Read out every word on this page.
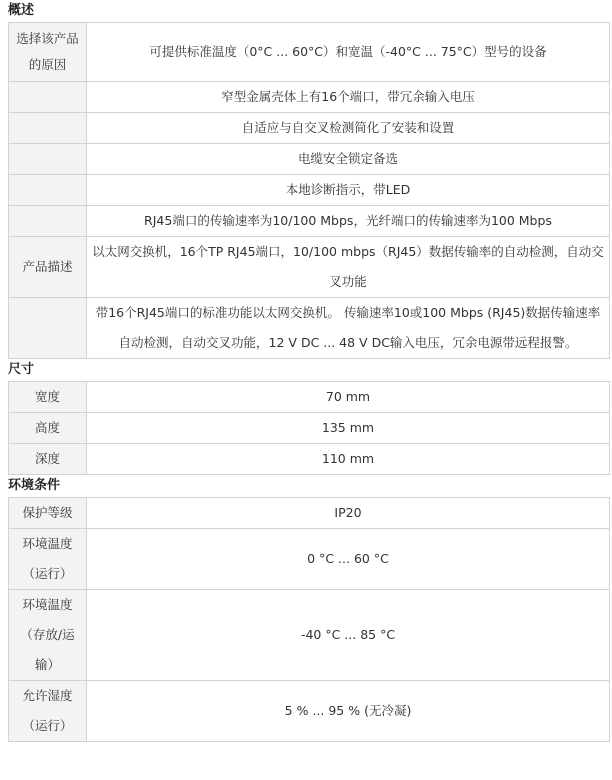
概述
选择该产品的原因	可提供标准温度（0°C ... 60°C）和宽温（-40°C ... 75°C）型号的设备
	窄型金属壳体上有16个端口，带冗余输入电压
	自适应与自交叉检测简化了安装和设置
	电缆安全锁定备选
	本地诊断指示，带LED
	RJ45端口的传输速率为10/100 Mbps，光纤端口的传输速率为100 Mbps
产品描述	以太网交换机，16个TP RJ45端口，10/100 mbps（RJ45）数据传输率的自动检测，自动交叉功能
	带16个RJ45端口的标准功能以太网交换机。 传输速率10或100 Mbps (RJ45)数据传输速率自动检测，自动交叉功能，12 V DC ... 48 V DC输入电压，冗余电源带远程报警。
尺寸
宽度	70 mm
高度	135 mm
深度	110 mm
环境条件
保护等级	IP20
环境温度（运行）	0 °C ... 60 °C
环境温度（存放/运输）	-40 °C ... 85 °C
允许湿度（运行）	5 % ... 95 % (无冷凝)
